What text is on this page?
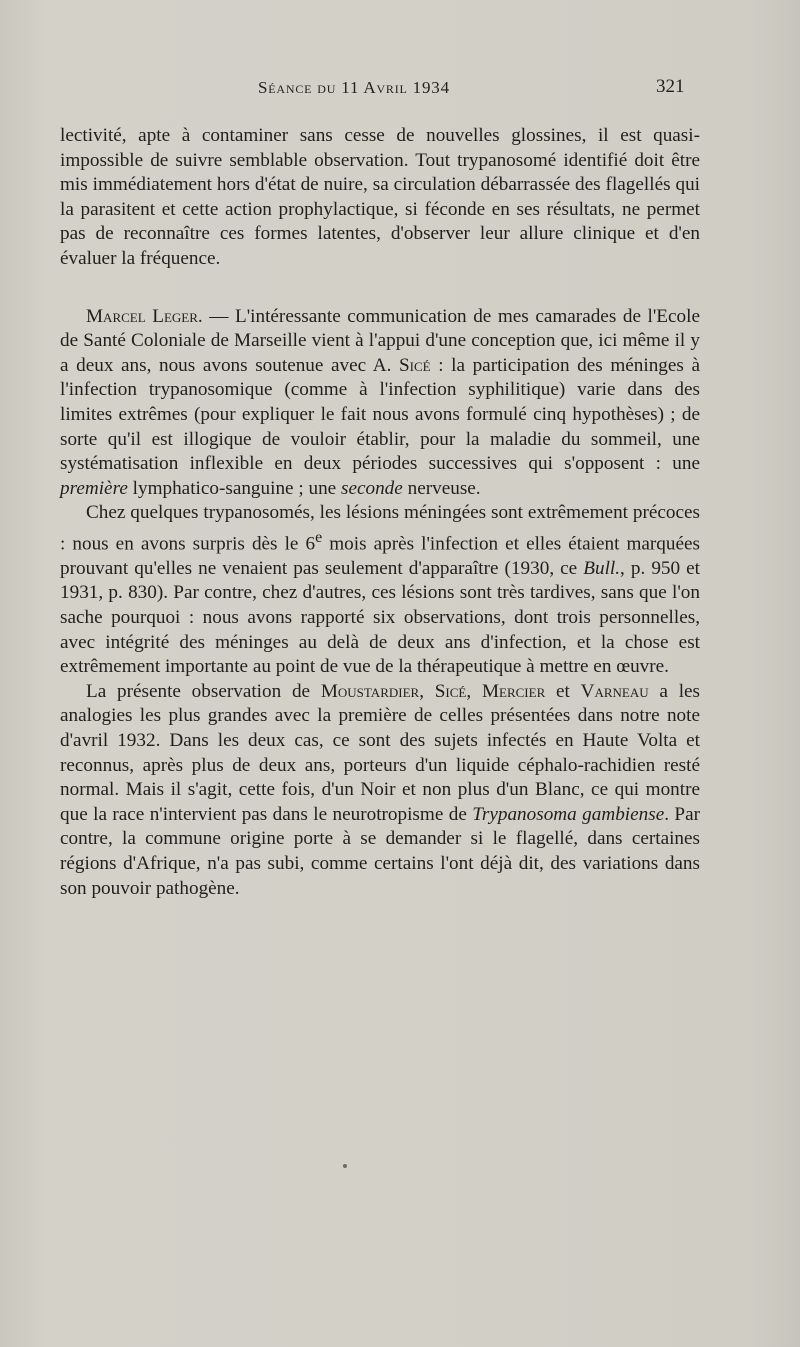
Séance du 11 Avril 1934	321

lectivité, apte à contaminer sans cesse de nouvelles glossines, il est quasi-impossible de suivre semblable observation. Tout trypanosomé identifié doit être mis immédiatement hors d'état de nuire, sa circulation débarrassée des flagellés qui la parasitent et cette action prophylactique, si féconde en ses résultats, ne permet pas de reconnaître ces formes latentes, d'observer leur allure clinique et d'en évaluer la fréquence.

Marcel Leger. — L'intéressante communication de mes camarades de l'Ecole de Santé Coloniale de Marseille vient à l'appui d'une conception que, ici même il y a deux ans, nous avons soutenue avec A. Sicé : la participation des méninges à l'infection trypanosomique (comme à l'infection syphilitique) varie dans des limites extrêmes (pour expliquer le fait nous avons formulé cinq hypothèses) ; de sorte qu'il est illogique de vouloir établir, pour la maladie du sommeil, une systématisation inflexible en deux périodes successives qui s'opposent : une première lymphatico-sanguine ; une seconde nerveuse.

Chez quelques trypanosomés, les lésions méningées sont extrêmement précoces : nous en avons surpris dès le 6e mois après l'infection et elles étaient marquées prouvant qu'elles ne venaient pas seulement d'apparaître (1930, ce Bull., p. 950 et 1931, p. 830). Par contre, chez d'autres, ces lésions sont très tardives, sans que l'on sache pourquoi : nous avons rapporté six observations, dont trois personnelles, avec intégrité des méninges au delà de deux ans d'infection, et la chose est extrêmement importante au point de vue de la thérapeutique à mettre en œuvre.

La présente observation de Moustardier, Sicé, Mercier et Varneau a les analogies les plus grandes avec la première de celles présentées dans notre note d'avril 1932. Dans les deux cas, ce sont des sujets infectés en Haute Volta et reconnus, après plus de deux ans, porteurs d'un liquide céphalo-rachidien resté normal. Mais il s'agit, cette fois, d'un Noir et non plus d'un Blanc, ce qui montre que la race n'intervient pas dans le neurotropisme de Trypanosoma gambiense. Par contre, la commune origine porte à se demander si le flagellé, dans certaines régions d'Afrique, n'a pas subi, comme certains l'ont déjà dit, des variations dans son pouvoir pathogène.
